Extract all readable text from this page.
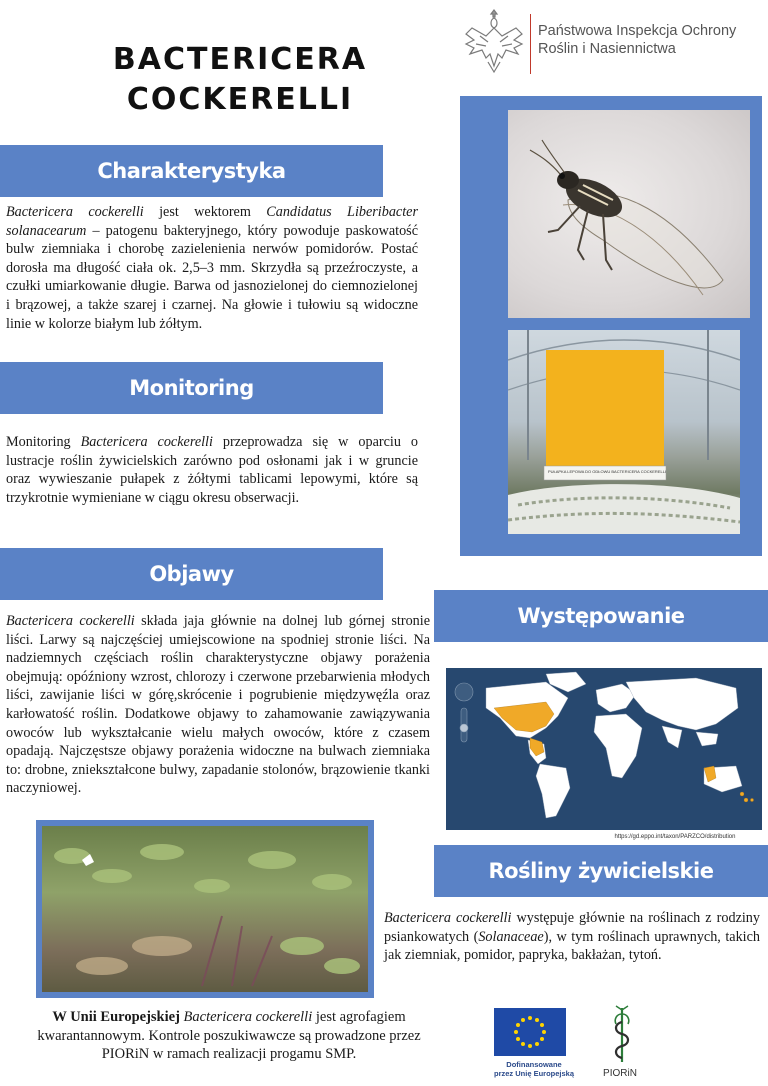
BACTERICERA
COCKERELLI
Państwowa Inspekcja Ochrony
Roślin i Nasiennictwa
Charakterystyka
Bactericera cockerelli jest wektorem Candidatus Liberibacter solanacearum – patogenu bakteryjnego, który powoduje paskowatość bulw ziemniaka i chorobę zazielenienia nerwów pomidorów. Postać dorosła ma długość ciała ok. 2,5–3 mm. Skrzydła są przeźroczyste, a czułki umiarkowanie długie. Barwa od jasnozielonej do ciemnozielonej i brązowej, a także szarej i czarnej. Na głowie i tułowiu są widoczne linie w kolorze białym lub żółtym.
Monitoring
Monitoring Bactericera cockerelli przeprowadza się w oparciu o lustracje roślin żywicielskich zarówno pod osłonami jak i w gruncie oraz wywieszanie pułapek z żółtymi tablicami lepowymi, które są trzykrotnie wymieniane w ciągu okresu obserwacji.
Objawy
Bactericera cockerelli składa jaja głównie na dolnej lub górnej stronie liści. Larwy są najczęściej umiejscowione na spodniej stronie liści. Na nadziemnych częściach roślin charakterystyczne objawy porażenia obejmują: opóźniony wzrost, chlorozy i czerwone przebarwienia młodych liści, zawijanie liści w górę,skrócenie i pogrubienie międzywęźla oraz karłowatość roślin. Dodatkowe objawy to zahamowanie zawiązywania owoców lub wykształcanie wielu małych owoców, które z czasem opadają. Najczęstsze objawy porażenia widoczne na bulwach ziemniaka to: drobne, zniekształcone bulwy, zapadanie stolonów, brązowienie tkanki naczyniowej.
PUŁAPKA LEPOWA DO ODŁOWU BACTERICERA COCKERELLI
Występowanie
https://gd.eppo.int/taxon/PARZCO/distribution
Rośliny żywicielskie
Bactericera cockerelli występuje głównie na roślinach z rodziny psiankowatych (Solanaceae), w tym roślinach uprawnych, takich jak ziemniak, pomidor, papryka, bakłażan, tytoń.
W Unii Europejskiej Bactericera cockerelli jest agrofagiem kwarantannowym. Kontrole poszukiwawcze są prowadzone przez PIORiN w ramach realizacji progamu SMP.
Dofinansowane
przez Unię Europejską	PIORiN
